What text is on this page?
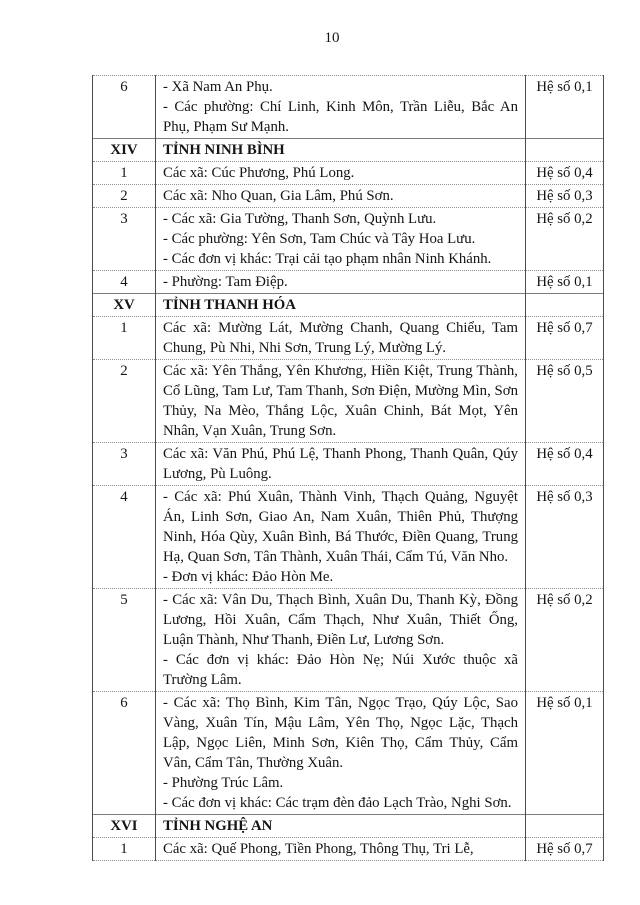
10
6	- Xã Nam An Phụ.

- Các phường: Chí Linh, Kinh Môn, Trần Liễu, Bắc An Phụ, Phạm Sư Mạnh.	Hệ số 0,1
XIV	TỈNH NINH BÌNH	

1	Các xã: Cúc Phương, Phú Long.	Hệ số 0,4
2	Các xã: Nho Quan, Gia Lâm, Phú Sơn.	Hệ số 0,3
3	- Các xã: Gia Tường, Thanh Sơn, Quỳnh Lưu.

- Các phường: Yên Sơn, Tam Chúc và Tây Hoa Lưu.

- Các đơn vị khác: Trại cải tạo phạm nhân Ninh Khánh.	Hệ số 0,2
4	- Phường: Tam Điệp.	Hệ số 0,1
XV	TỈNH THANH HÓA	

1	Các xã: Mường Lát, Mường Chanh, Quang Chiểu, Tam Chung, Pù Nhi, Nhi Sơn, Trung Lý, Mường Lý.	Hệ số 0,7
2	Các xã: Yên Thắng, Yên Khương, Hiền Kiệt, Trung Thành, Cổ Lũng, Tam Lư, Tam Thanh, Sơn Điện, Mường Mìn, Sơn Thủy, Na Mèo, Thắng Lộc, Xuân Chinh, Bát Mọt, Yên Nhân, Vạn Xuân, Trung Sơn.	Hệ số 0,5
3	Các xã: Văn Phú, Phú Lệ, Thanh Phong, Thanh Quân, Qúy Lương, Pù Luông.	Hệ số 0,4
4	- Các xã: Phú Xuân, Thành Vinh, Thạch Quảng, Nguyệt Án, Linh Sơn, Giao An, Nam Xuân, Thiên Phủ, Thượng Ninh, Hóa Qùy, Xuân Bình, Bá Thước, Điền Quang, Trung Hạ, Quan Sơn, Tân Thành, Xuân Thái, Cẩm Tú, Văn Nho.

- Đơn vị khác: Đảo Hòn Me.	Hệ số 0,3
5	- Các xã: Vân Du, Thạch Bình, Xuân Du, Thanh Kỳ, Đồng Lương, Hồi Xuân, Cẩm Thạch, Như Xuân, Thiết Ống, Luận Thành, Như Thanh, Điền Lư, Lương Sơn.

- Các đơn vị khác: Đảo Hòn Nẹ; Núi Xước thuộc xã Trường Lâm.	Hệ số 0,2
6	- Các xã: Thọ Bình, Kim Tân, Ngọc Trạo, Qúy Lộc, Sao Vàng, Xuân Tín, Mậu Lâm, Yên Thọ, Ngọc Lặc, Thạch Lập, Ngọc Liên, Minh Sơn, Kiên Thọ, Cẩm Thủy, Cẩm Vân, Cẩm Tân, Thường Xuân.

- Phường Trúc Lâm.

- Các đơn vị khác: Các trạm đèn đảo Lạch Trào, Nghi Sơn.	Hệ số 0,1
XVI	TỈNH NGHỆ AN	

1	Các xã: Quế Phong, Tiền Phong, Thông Thụ, Tri Lễ,	Hệ số 0,7
